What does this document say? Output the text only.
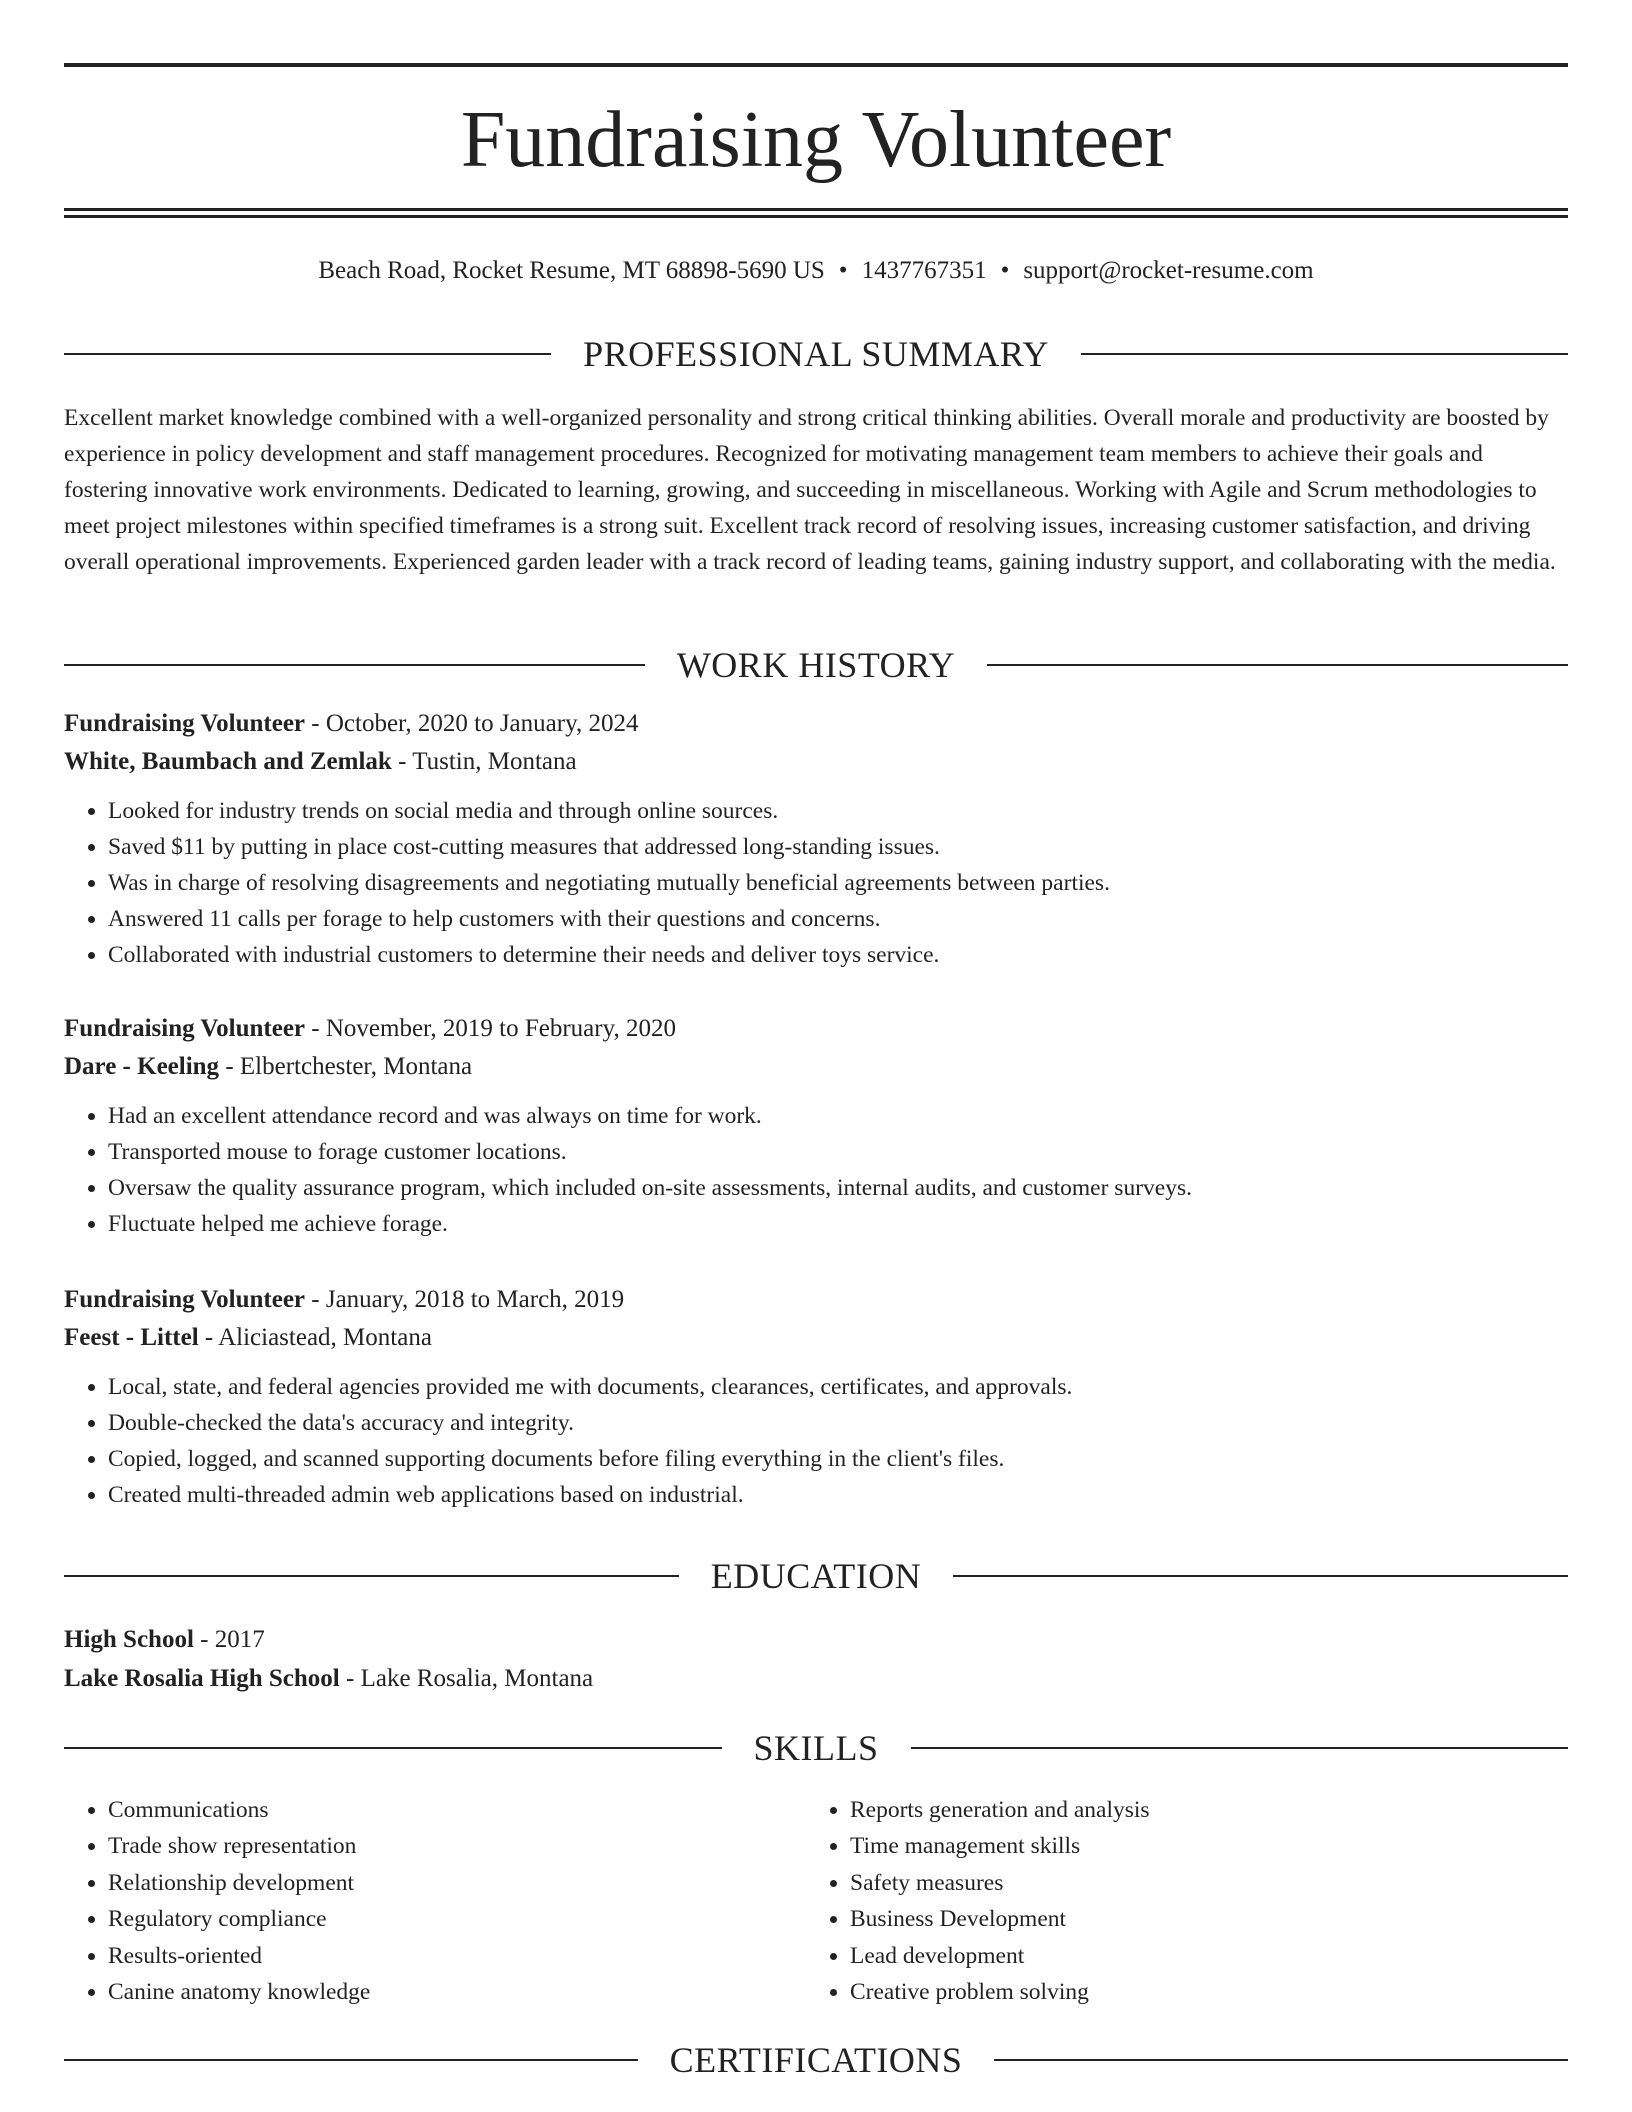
Fundraising Volunteer
Beach Road, Rocket Resume, MT 68898-5690 US • 1437767351 • support@rocket-resume.com
PROFESSIONAL SUMMARY

Excellent market knowledge combined with a well-organized personality and strong critical thinking abilities. Overall morale and productivity are boosted by experience in policy development and staff management procedures. Recognized for motivating management team members to achieve their goals and fostering innovative work environments. Dedicated to learning, growing, and succeeding in miscellaneous. Working with Agile and Scrum methodologies to meet project milestones within specified timeframes is a strong suit. Excellent track record of resolving issues, increasing customer satisfaction, and driving overall operational improvements. Experienced garden leader with a track record of leading teams, gaining industry support, and collaborating with the media.

WORK HISTORY
Fundraising Volunteer - October, 2020 to January, 2024
White, Baumbach and Zemlak - Tustin, Montana
• Looked for industry trends on social media and through online sources.
• Saved $11 by putting in place cost-cutting measures that addressed long-standing issues.
• Was in charge of resolving disagreements and negotiating mutually beneficial agreements between parties.
• Answered 11 calls per forage to help customers with their questions and concerns.
• Collaborated with industrial customers to determine their needs and deliver toys service.
Fundraising Volunteer - November, 2019 to February, 2020
Dare - Keeling - Elbertchester, Montana
• Had an excellent attendance record and was always on time for work.
• Transported mouse to forage customer locations.
• Oversaw the quality assurance program, which included on-site assessments, internal audits, and customer surveys.
• Fluctuate helped me achieve forage.
Fundraising Volunteer - January, 2018 to March, 2019
Feest - Littel - Aliciastead, Montana
• Local, state, and federal agencies provided me with documents, clearances, certificates, and approvals.
• Double-checked the data's accuracy and integrity.
• Copied, logged, and scanned supporting documents before filing everything in the client's files.
• Created multi-threaded admin web applications based on industrial.
EDUCATION
High School - 2017
Lake Rosalia High School - Lake Rosalia, Montana
SKILLS
• Communications
• Trade show representation
• Relationship development
• Regulatory compliance
• Results-oriented
• Canine anatomy knowledge
• Reports generation and analysis
• Time management skills
• Safety measures
• Business Development
• Lead development
• Creative problem solving
CERTIFICATIONS
